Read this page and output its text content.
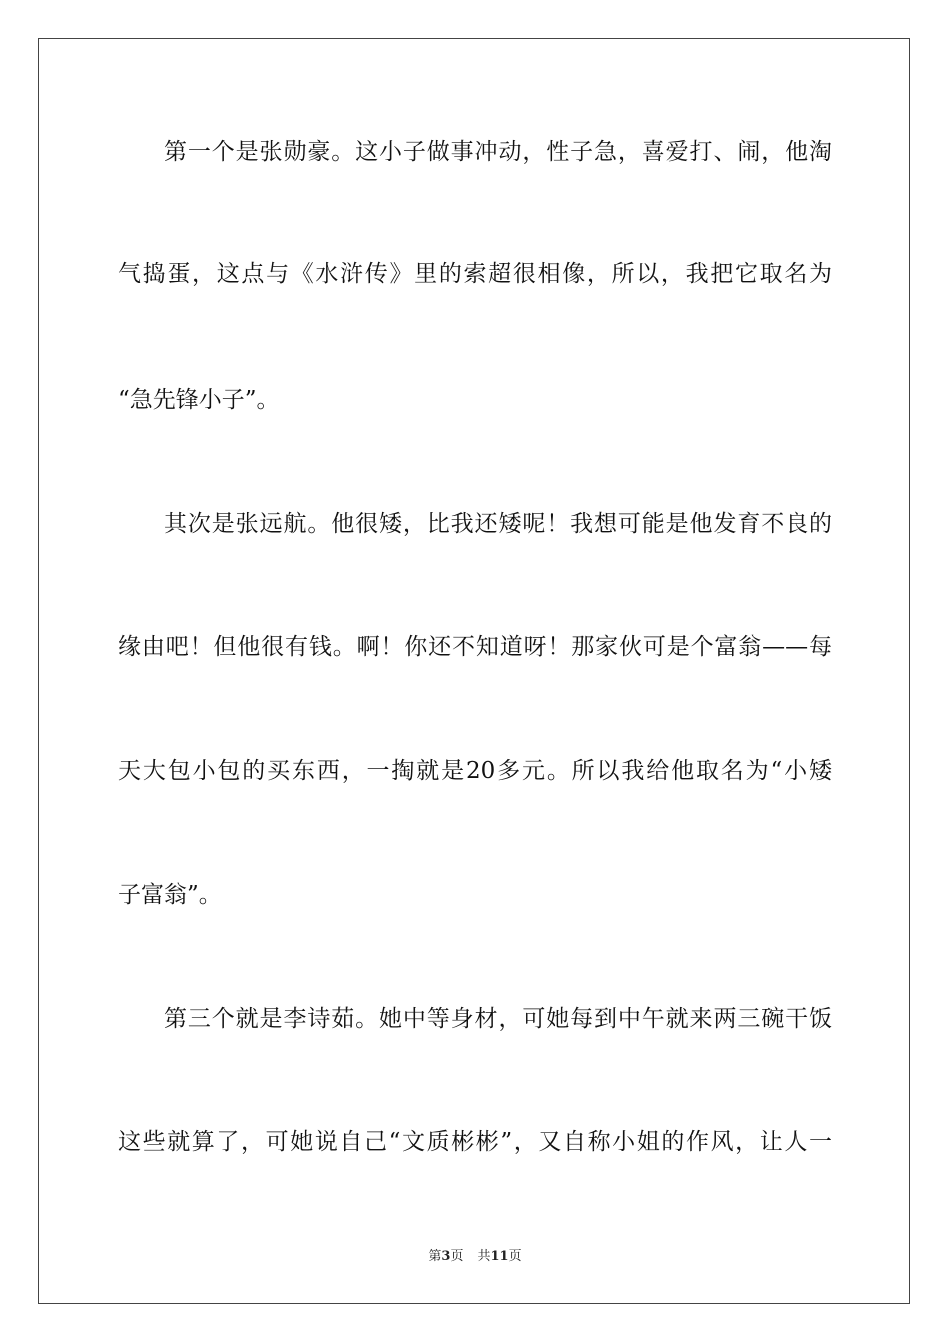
第一个是张勋豪。这小子做事冲动，性子急，喜爱打、闹，他淘
气捣蛋，这点与《水浒传》里的索超很相像，所以，我把它取名为
“急先锋小子”。
其次是张远航。他很矮，比我还矮呢！我想可能是他发育不良的
缘由吧！但他很有钱。啊！你还不知道呀！那家伙可是个富翁——每
天大包小包的买东西，一掏就是20多元。所以我给他取名为“小矮
子富翁”。
第三个就是李诗茹。她中等身材，可她每到中午就来两三碗干饭
这些就算了，可她说自己“文质彬彬”，又自称小姐的作风，让人一
第3页 共11页
